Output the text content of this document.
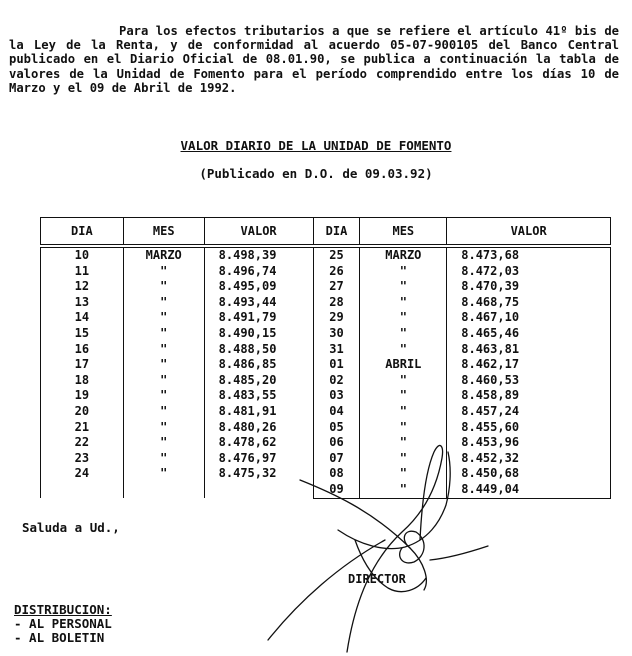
Para los efectos tributarios a que se refiere el artículo 41º bis de la Ley de la Renta, y de conformidad al acuerdo 05-07-900105 del Banco Central publicado en el Diario Oficial de 08.01.90, se publica a continuación la tabla de valores de la Unidad de Fomento para el período comprendido entre los días 10 de Marzo y el 09 de Abril de 1992.

VALOR DIARIO DE LA UNIDAD DE FOMENTO
(Publicado en D.O. de 09.03.92)
DIA	MES	VALOR	DIA	MES	VALOR
10	MARZO	8.498,39	25	MARZO	8.473,68
11	"	8.496,74	26	"	8.472,03
12	"	8.495,09	27	"	8.470,39
13	"	8.493,44	28	"	8.468,75
14	"	8.491,79	29	"	8.467,10
15	"	8.490,15	30	"	8.465,46
16	"	8.488,50	31	"	8.463,81
17	"	8.486,85	01	ABRIL	8.462,17
18	"	8.485,20	02	"	8.460,53
19	"	8.483,55	03	"	8.458,89
20	"	8.481,91	04	"	8.457,24
21	"	8.480,26	05	"	8.455,60
22	"	8.478,62	06	"	8.453,96
23	"	8.476,97	07	"	8.452,32
24	"	8.475,32	08	"	8.450,68
			09	"	8.449,04
Saluda a Ud.,
DIRECTOR
DISTRIBUCION:
- AL PERSONAL
- AL BOLETIN
